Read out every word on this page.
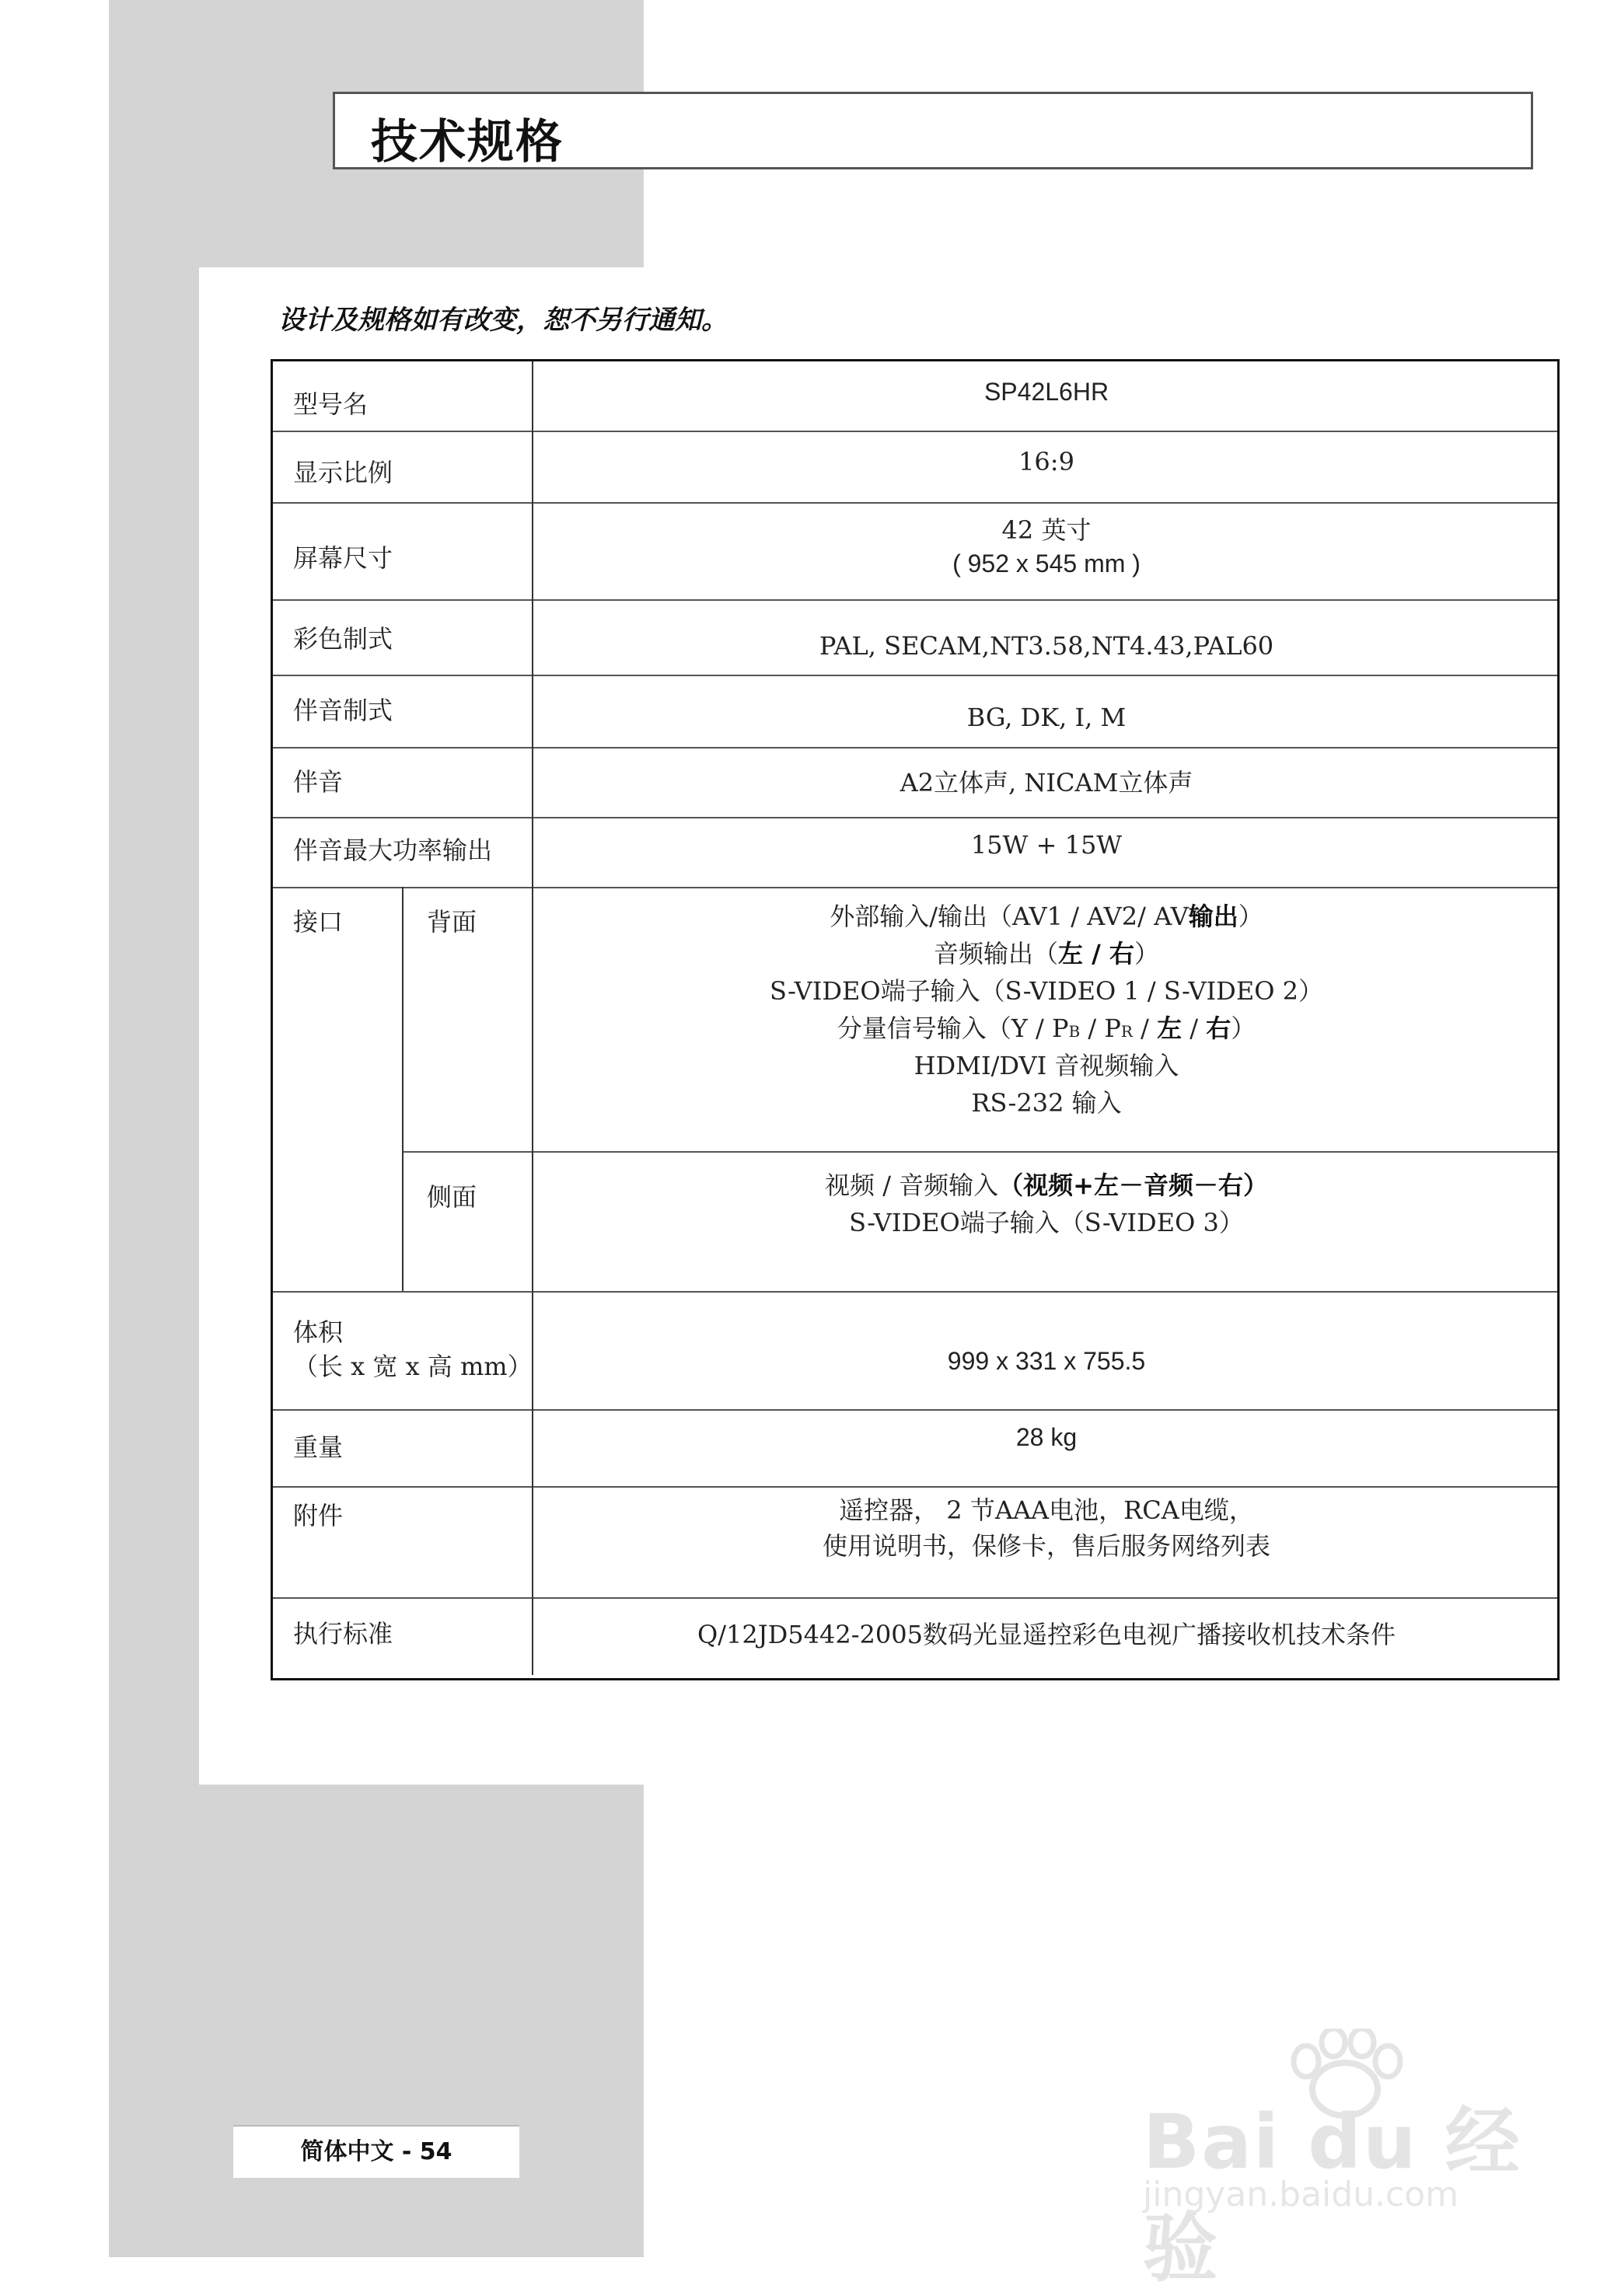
技术规格
设计及规格如有改变，恕不另行通知。
型号名
显示比例
屏幕尺寸
彩色制式
伴音制式
伴音
伴音最大功率输出
接口	背面
侧面
体积
（长 x 宽 x 高 mm）
重量
附件
执行标准
SP42L6HR
16:9
42 英寸
( 952 x 545 mm )
PAL, SECAM,NT3.58,NT4.43,PAL60
BG, DK, I, M
A2立体声, NICAM立体声
15W + 15W
外部输入/输出（AV1 / AV2/ AV输出）
音频输出（左 / 右）
S-VIDEO端子输入（S-VIDEO 1 / S-VIDEO 2）
分量信号输入（Y / PB / PR / 左 / 右）
HDMI/DVI 音视频输入
RS-232 输入
视频 / 音频输入（视频+左－音频－右）
S-VIDEO端子输入（S-VIDEO 3）
999 x 331 x 755.5
28 kg
遥控器， 2 节AAA电池，RCA电缆，
使用说明书，保修卡，售后服务网络列表
Q/12JD5442-2005数码光显遥控彩色电视广播接收机技术条件
简体中文 - 54	Bai du 经验
jingyan.baidu.com
